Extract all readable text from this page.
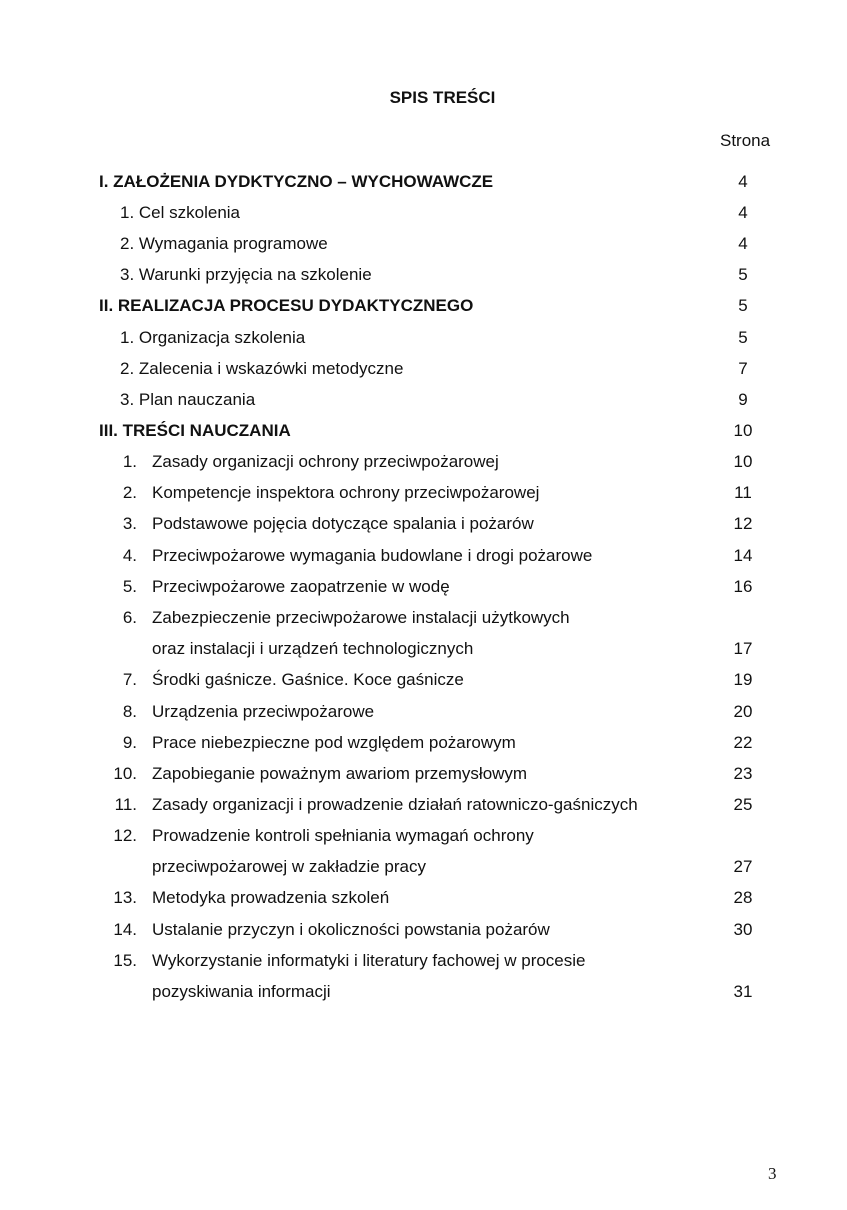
SPIS TREŚCI
Strona
I. ZAŁOŻENIA DYDKTYCZNO – WYCHOWAWCZE	4
1. Cel szkolenia	4
2. Wymagania programowe	4
3. Warunki przyjęcia na szkolenie	5
II. REALIZACJA PROCESU DYDAKTYCZNEGO	5
1. Organizacja szkolenia	5
2. Zalecenia i wskazówki metodyczne	7
3. Plan nauczania	9
III. TREŚCI NAUCZANIA	10
1. Zasady organizacji ochrony przeciwpożarowej	10
2. Kompetencje inspektora ochrony przeciwpożarowej	11
3. Podstawowe pojęcia dotyczące spalania i pożarów	12
4. Przeciwpożarowe wymagania budowlane i drogi pożarowe	14
5. Przeciwpożarowe zaopatrzenie w wodę	16
6. Zabezpieczenie przeciwpożarowe instalacji użytkowych
oraz instalacji i urządzeń technologicznych	17
7. Środki gaśnicze. Gaśnice. Koce gaśnicze	19
8. Urządzenia przeciwpożarowe	20
9. Prace niebezpieczne pod względem pożarowym	22
10. Zapobieganie poważnym awariom przemysłowym	23
11. Zasady organizacji i prowadzenie działań ratowniczo-gaśniczych	25
12. Prowadzenie kontroli spełniania wymagań ochrony
przeciwpożarowej w zakładzie pracy	27
13. Metodyka prowadzenia szkoleń	28
14. Ustalanie przyczyn i okoliczności powstania pożarów	30
15. Wykorzystanie informatyki i literatury fachowej w procesie
pozyskiwania informacji	31
3
